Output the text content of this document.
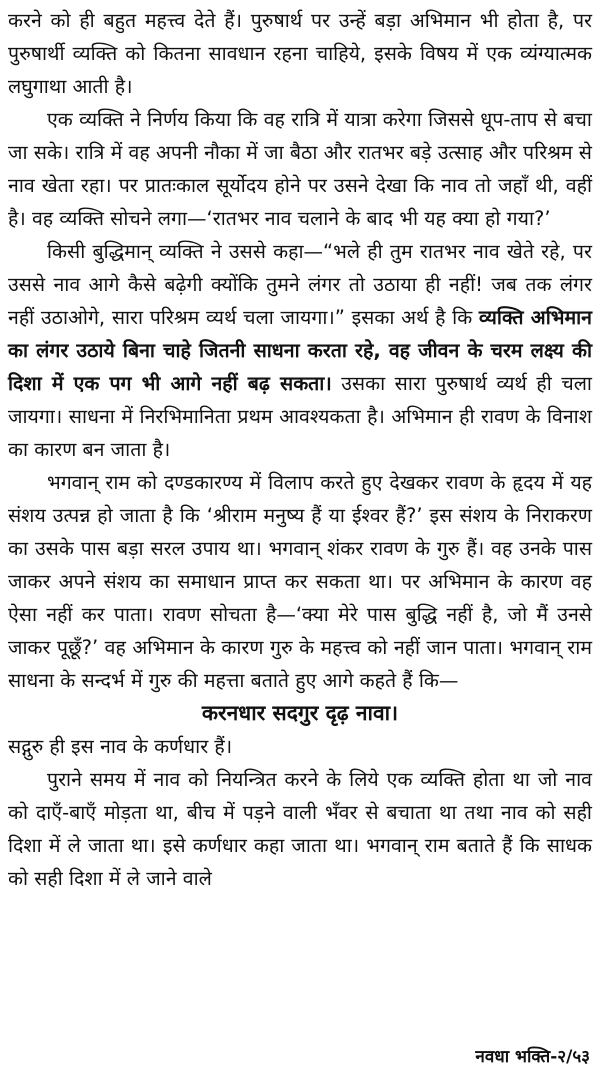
करने को ही बहुत महत्त्व देते हैं। पुरुषार्थ पर उन्हें बड़ा अभिमान भी होता है, पर पुरुषार्थी व्यक्ति को कितना सावधान रहना चाहिये, इसके विषय में एक व्यंग्यात्मक लघुगाथा आती है।

एक व्यक्ति ने निर्णय किया कि वह रात्रि में यात्रा करेगा जिससे धूप-ताप से बचा जा सके। रात्रि में वह अपनी नौका में जा बैठा और रातभर बड़े उत्साह और परिश्रम से नाव खेता रहा। पर प्रातःकाल सूर्योदय होने पर उसने देखा कि नाव तो जहाँ थी, वहीं है। वह व्यक्ति सोचने लगा—‘रातभर नाव चलाने के बाद भी यह क्या हो गया?’

किसी बुद्धिमान् व्यक्ति ने उससे कहा—“भले ही तुम रातभर नाव खेते रहे, पर उससे नाव आगे कैसे बढ़ेगी क्योंकि तुमने लंगर तो उठाया ही नहीं! जब तक लंगर नहीं उठाओगे, सारा परिश्रम व्यर्थ चला जायगा।” इसका अर्थ है कि व्यक्ति अभिमान का लंगर उठाये बिना चाहे जितनी साधना करता रहे, वह जीवन के चरम लक्ष्य की दिशा में एक पग भी आगे नहीं बढ़ सकता। उसका सारा पुरुषार्थ व्यर्थ ही चला जायगा। साधना में निरभिमानिता प्रथम आवश्यकता है। अभिमान ही रावण के विनाश का कारण बन जाता है।

भगवान् राम को दण्डकारण्य में विलाप करते हुए देखकर रावण के हृदय में यह संशय उत्पन्न हो जाता है कि ‘श्रीराम मनुष्य हैं या ईश्वर हैं?’ इस संशय के निराकरण का उसके पास बड़ा सरल उपाय था। भगवान् शंकर रावण के गुरु हैं। वह उनके पास जाकर अपने संशय का समाधान प्राप्त कर सकता था। पर अभिमान के कारण वह ऐसा नहीं कर पाता। रावण सोचता है—‘क्या मेरे पास बुद्धि नहीं है, जो मैं उनसे जाकर पूछूँ?’ वह अभिमान के कारण गुरु के महत्त्व को नहीं जान पाता। भगवान् राम साधना के सन्दर्भ में गुरु की महत्ता बताते हुए आगे कहते हैं कि—

करनधार सदगुर दृढ़ नावा।

सद्गुरु ही इस नाव के कर्णधार हैं।

पुराने समय में नाव को नियन्त्रित करने के लिये एक व्यक्ति होता था जो नाव को दाएँ-बाएँ मोड़ता था, बीच में पड़ने वाली भँवर से बचाता था तथा नाव को सही दिशा में ले जाता था। इसे कर्णधार कहा जाता था। भगवान् राम बताते हैं कि साधक को सही दिशा में ले जाने वाले

नवधा भक्ति-२/५३
